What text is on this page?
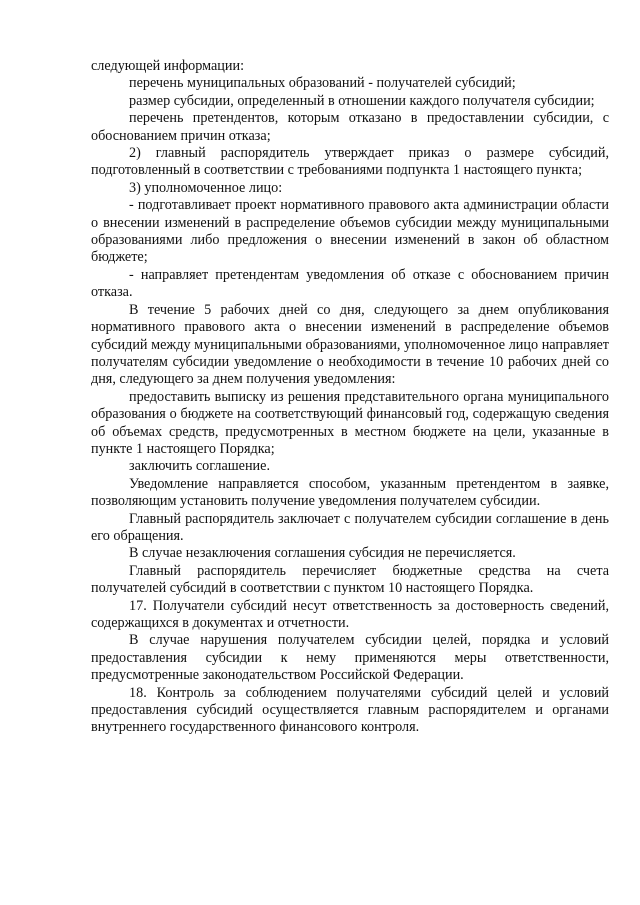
следующей информации:

перечень муниципальных образований - получателей субсидий;

размер субсидии, определенный в отношении каждого получателя субсидии;

перечень претендентов, которым отказано в предоставлении субсидии, с обоснованием причин отказа;

2) главный распорядитель утверждает приказ о размере субсидий, подготовленный в соответствии с требованиями подпункта 1 настоящего пункта;

3) уполномоченное лицо:

- подготавливает проект нормативного правового акта администрации области о внесении изменений в распределение объемов субсидии между муниципальными образованиями либо предложения о внесении изменений в закон об областном бюджете;

- направляет претендентам уведомления об отказе с обоснованием причин отказа.

В течение 5 рабочих дней со дня, следующего за днем опубликования нормативного правового акта о внесении изменений в распределение объемов субсидий между муниципальными образованиями, уполномоченное лицо направляет получателям субсидии уведомление о необходимости в течение 10 рабочих дней со дня, следующего за днем получения уведомления:

предоставить выписку из решения представительного органа муниципального образования о бюджете на соответствующий финансовый год, содержащую сведения об объемах средств, предусмотренных в местном бюджете на цели, указанные в пункте 1 настоящего Порядка;

заключить соглашение.

Уведомление направляется способом, указанным претендентом в заявке, позволяющим установить получение уведомления получателем субсидии.

Главный распорядитель заключает с получателем субсидии соглашение в день его обращения.

В случае незаключения соглашения субсидия не перечисляется.

Главный распорядитель перечисляет бюджетные средства на счета получателей субсидий в соответствии с пунктом 10 настоящего Порядка.

17. Получатели субсидий несут ответственность за достоверность сведений, содержащихся в документах и отчетности.

В случае нарушения получателем субсидии целей, порядка и условий предоставления субсидии к нему применяются меры ответственности, предусмотренные законодательством Российской Федерации.

18. Контроль за соблюдением получателями субсидий целей и условий предоставления субсидий осуществляется главным распорядителем и органами внутреннего государственного финансового контроля.
